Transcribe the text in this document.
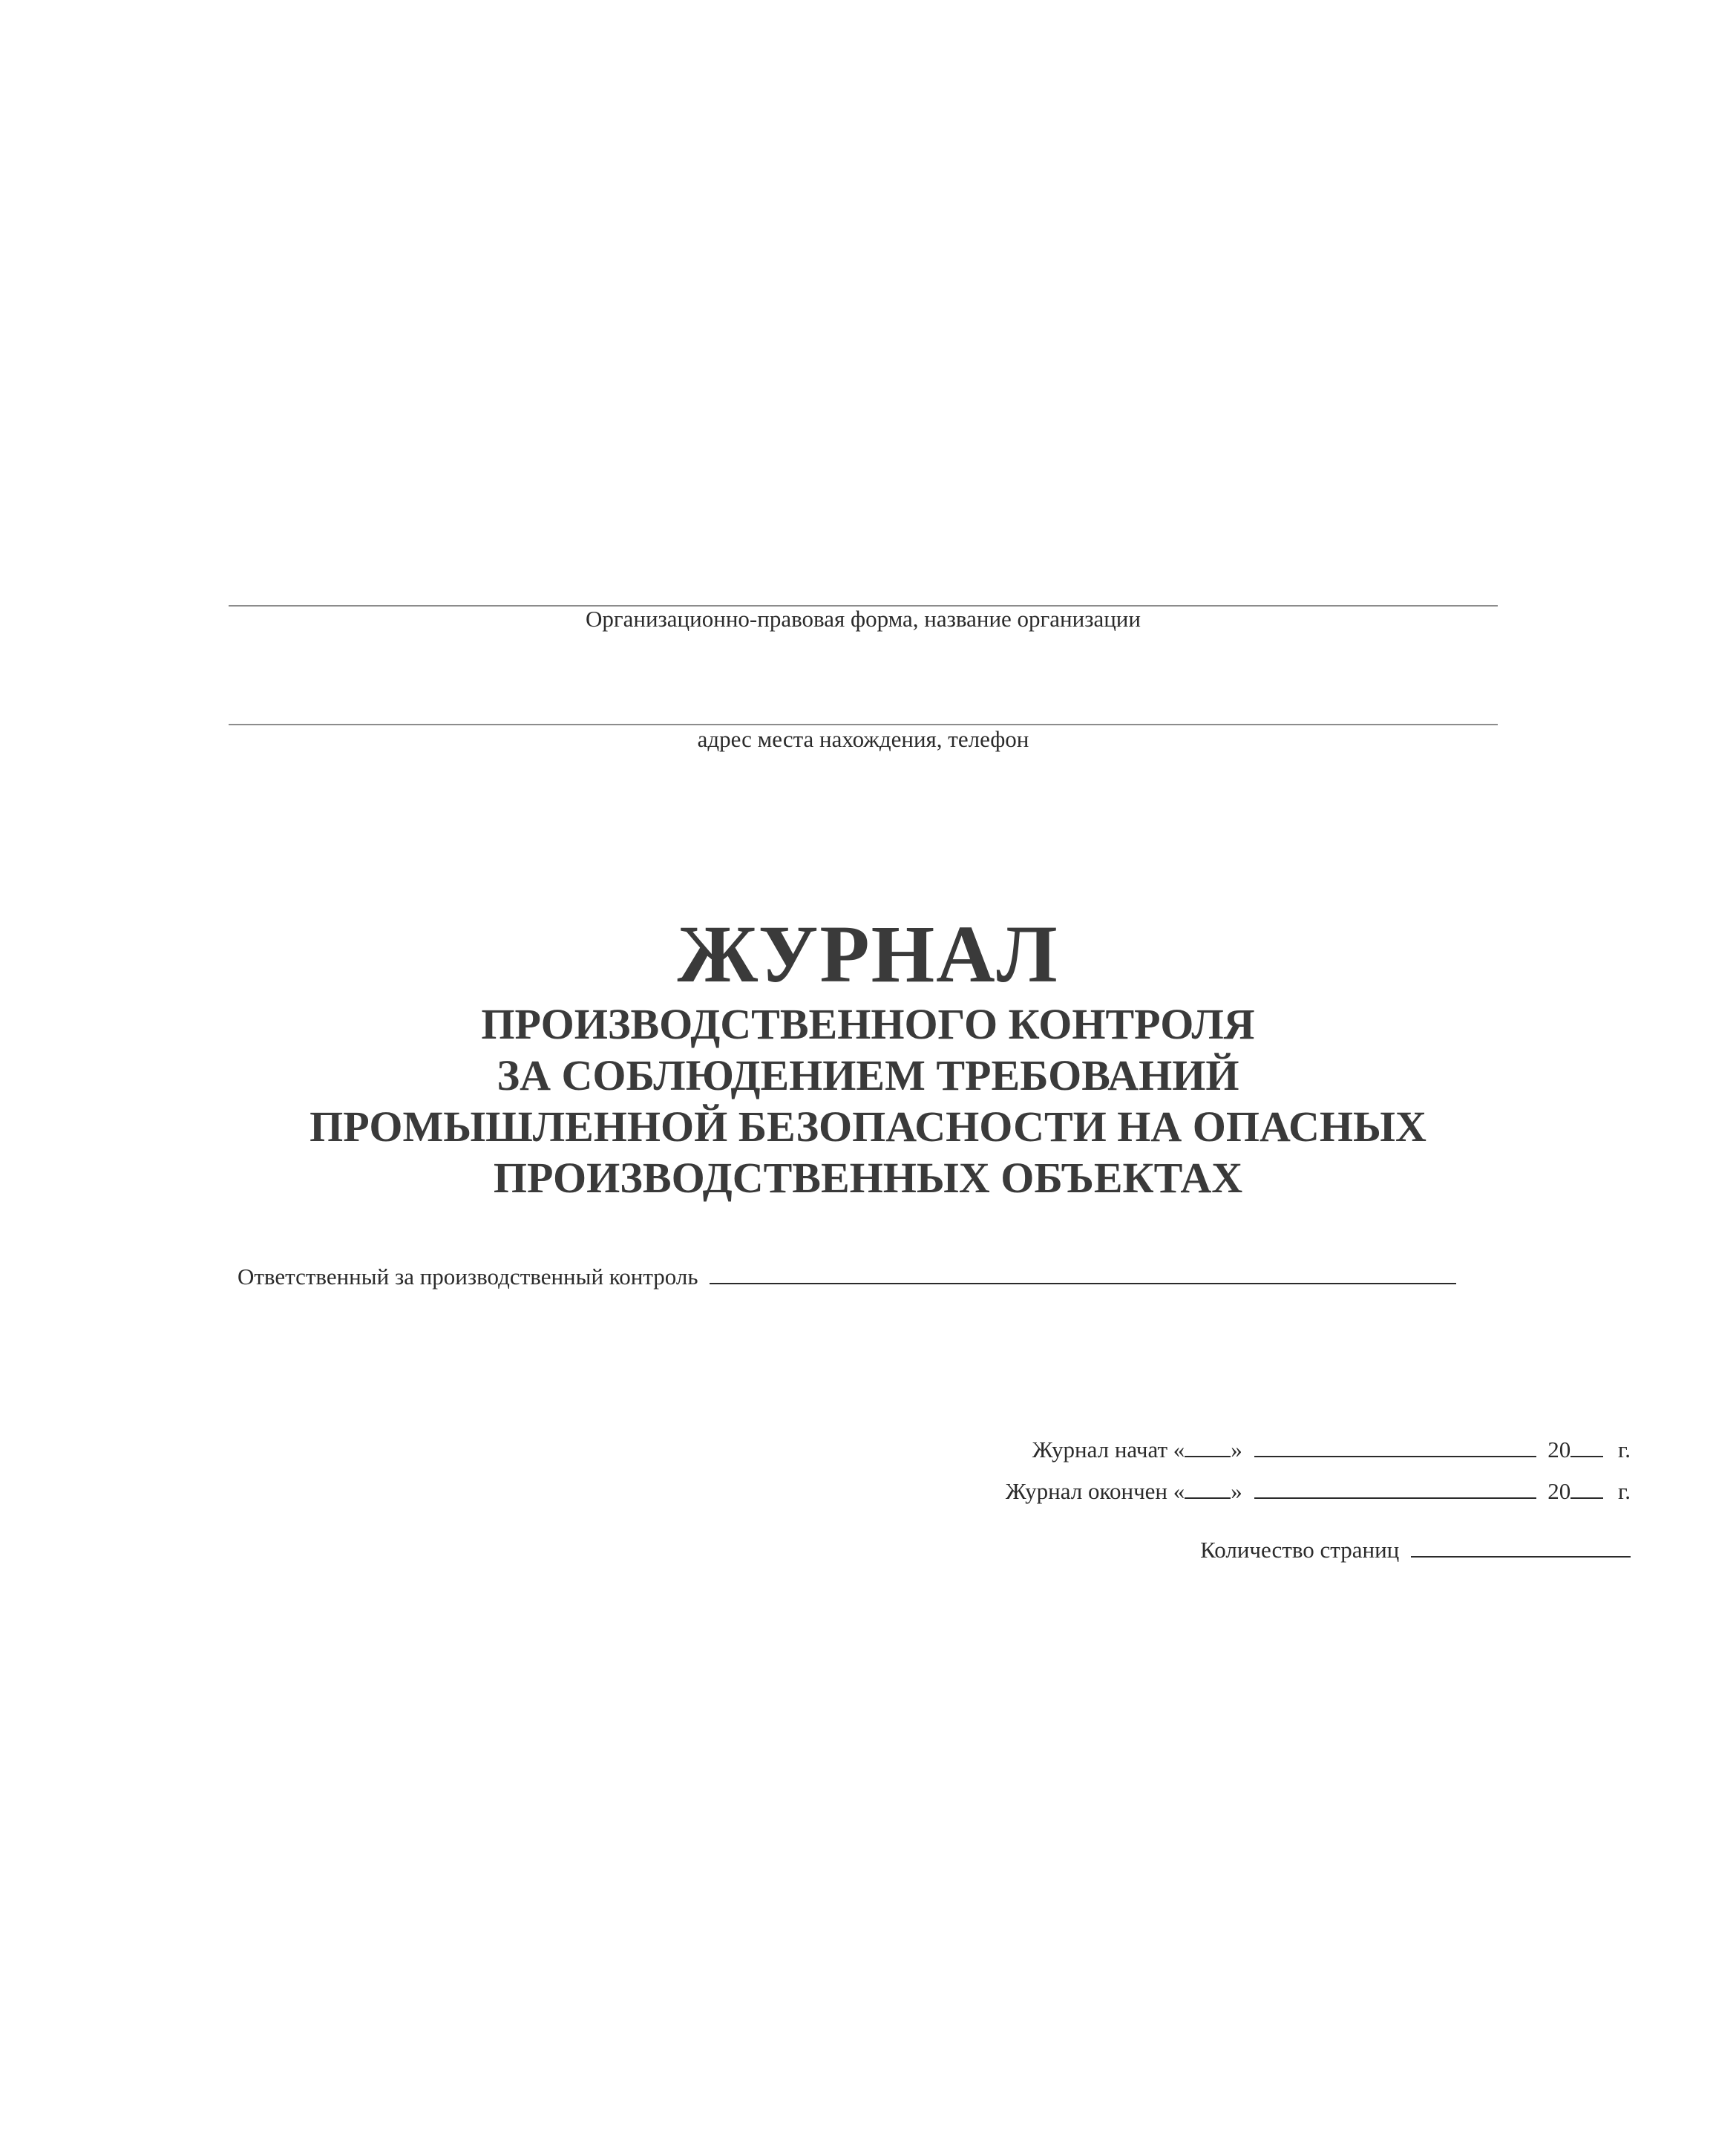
Организационно-правовая форма, название организации
адрес места нахождения, телефон
ЖУРНАЛ
ПРОИЗВОДСТВЕННОГО КОНТРОЛЯ
ЗА СОБЛЮДЕНИЕМ ТРЕБОВАНИЙ
ПРОМЫШЛЕННОЙ БЕЗОПАСНОСТИ НА ОПАСНЫХ
ПРОИЗВОДСТВЕННЫХ ОБЪЕКТАХ
Ответственный за производственный контроль
Журнал начат « »	20 г.
Журнал окончен « »	20 г.
Количество страниц
